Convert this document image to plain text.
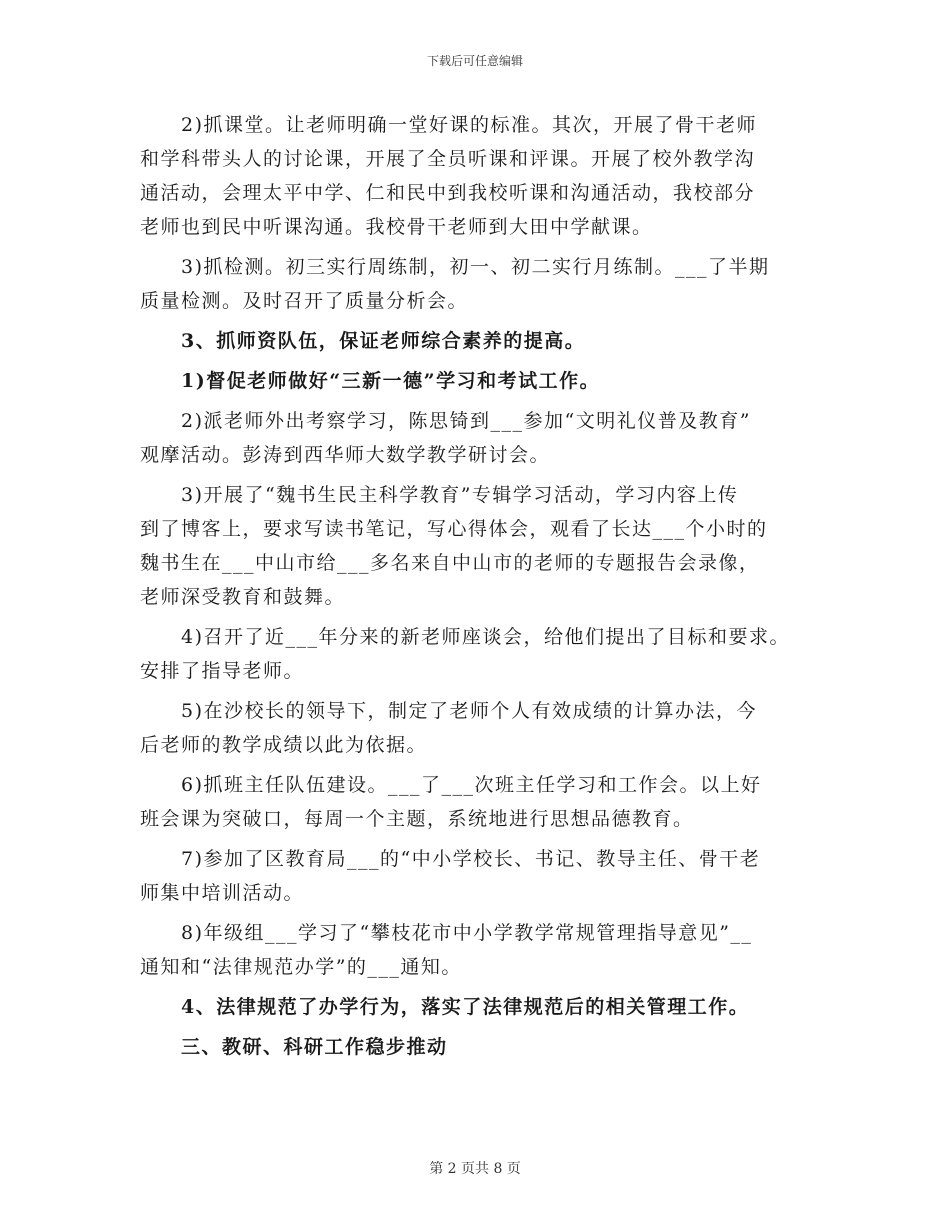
下载后可任意编辑
2)抓课堂。让老师明确一堂好课的标准。其次，开展了骨干老师
和学科带头人的讨论课，开展了全员听课和评课。开展了校外教学沟
通活动，会理太平中学、仁和民中到我校听课和沟通活动，我校部分
老师也到民中听课沟通。我校骨干老师到大田中学献课。
3)抓检测。初三实行周练制，初一、初二实行月练制。___了半期
质量检测。及时召开了质量分析会。
3、抓师资队伍，保证老师综合素养的提高。
1)督促老师做好“三新一德”学习和考试工作。
2)派老师外出考察学习，陈思锜到___参加“文明礼仪普及教育”
观摩活动。彭涛到西华师大数学教学研讨会。
3)开展了“魏书生民主科学教育”专辑学习活动，学习内容上传
到了博客上，要求写读书笔记，写心得体会，观看了长达___个小时的
魏书生在___中山市给___多名来自中山市的老师的专题报告会录像，
老师深受教育和鼓舞。
4)召开了近___年分来的新老师座谈会，给他们提出了目标和要求。
安排了指导老师。
5)在沙校长的领导下，制定了老师个人有效成绩的计算办法，今
后老师的教学成绩以此为依据。
6)抓班主任队伍建设。___了___次班主任学习和工作会。以上好
班会课为突破口，每周一个主题，系统地进行思想品德教育。
7)参加了区教育局___的“中小学校长、书记、教导主任、骨干老
师集中培训活动。
8)年级组___学习了“攀枝花市中小学教学常规管理指导意见”__
通知和“法律规范办学”的___通知。
4、法律规范了办学行为，落实了法律规范后的相关管理工作。
三、教研、科研工作稳步推动
第 2 页共 8 页
